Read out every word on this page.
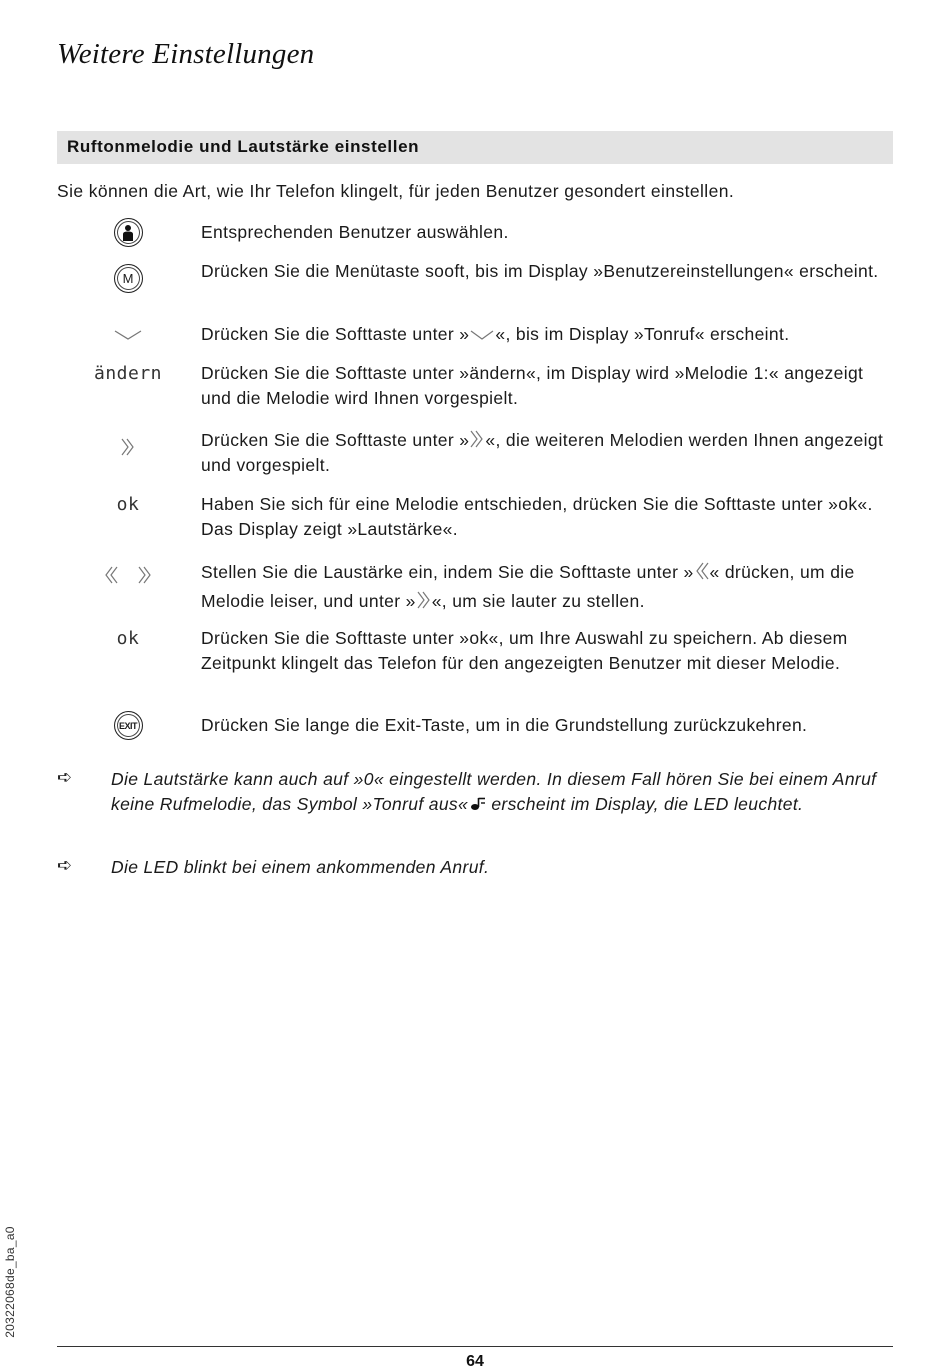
Weitere Einstellungen
Ruftonmelodie und Lautstärke einstellen
Sie können die Art, wie Ihr Telefon klingelt, für jeden Benutzer gesondert einstellen.
Entsprechenden Benutzer auswählen.
M	Drücken Sie die Menütaste sooft, bis im Display »Benutzereinstellungen« erscheint.
Drücken Sie die Softtaste unter » «, bis im Display »Tonruf« erscheint.
ändern Drücken Sie die Softtaste unter »ändern«, im Display wird »Melodie 1:« angezeigt und die Melodie wird Ihnen vorgespielt.
Drücken Sie die Softtaste unter » «, die weiteren Melodien werden Ihnen angezeigt und vorgespielt.
ok	Haben Sie sich für eine Melodie entschieden, drücken Sie die Softtaste unter »ok«. Das Display zeigt »Lautstärke«.
Stellen Sie die Laustärke ein, indem Sie die Softtaste unter » « drücken, um die Melodie leiser, und unter » «, um sie lauter zu stellen.
ok	Drücken Sie die Softtaste unter »ok«, um Ihre Auswahl zu speichern. Ab diesem Zeitpunkt klingelt das Telefon für den angezeigten Benutzer mit dieser Melodie.
EXIT	Drücken Sie lange die Exit-Taste, um in die Grundstellung zurückzukehren.
➪ Die Lautstärke kann auch auf »0« eingestellt werden. In diesem Fall hören Sie bei einem Anruf keine Rufmelodie, das Symbol »Tonruf aus« erscheint im Display, die LED leuchtet.
➪ Die LED blinkt bei einem ankommenden Anruf.
20322068de_ba_a0
64
